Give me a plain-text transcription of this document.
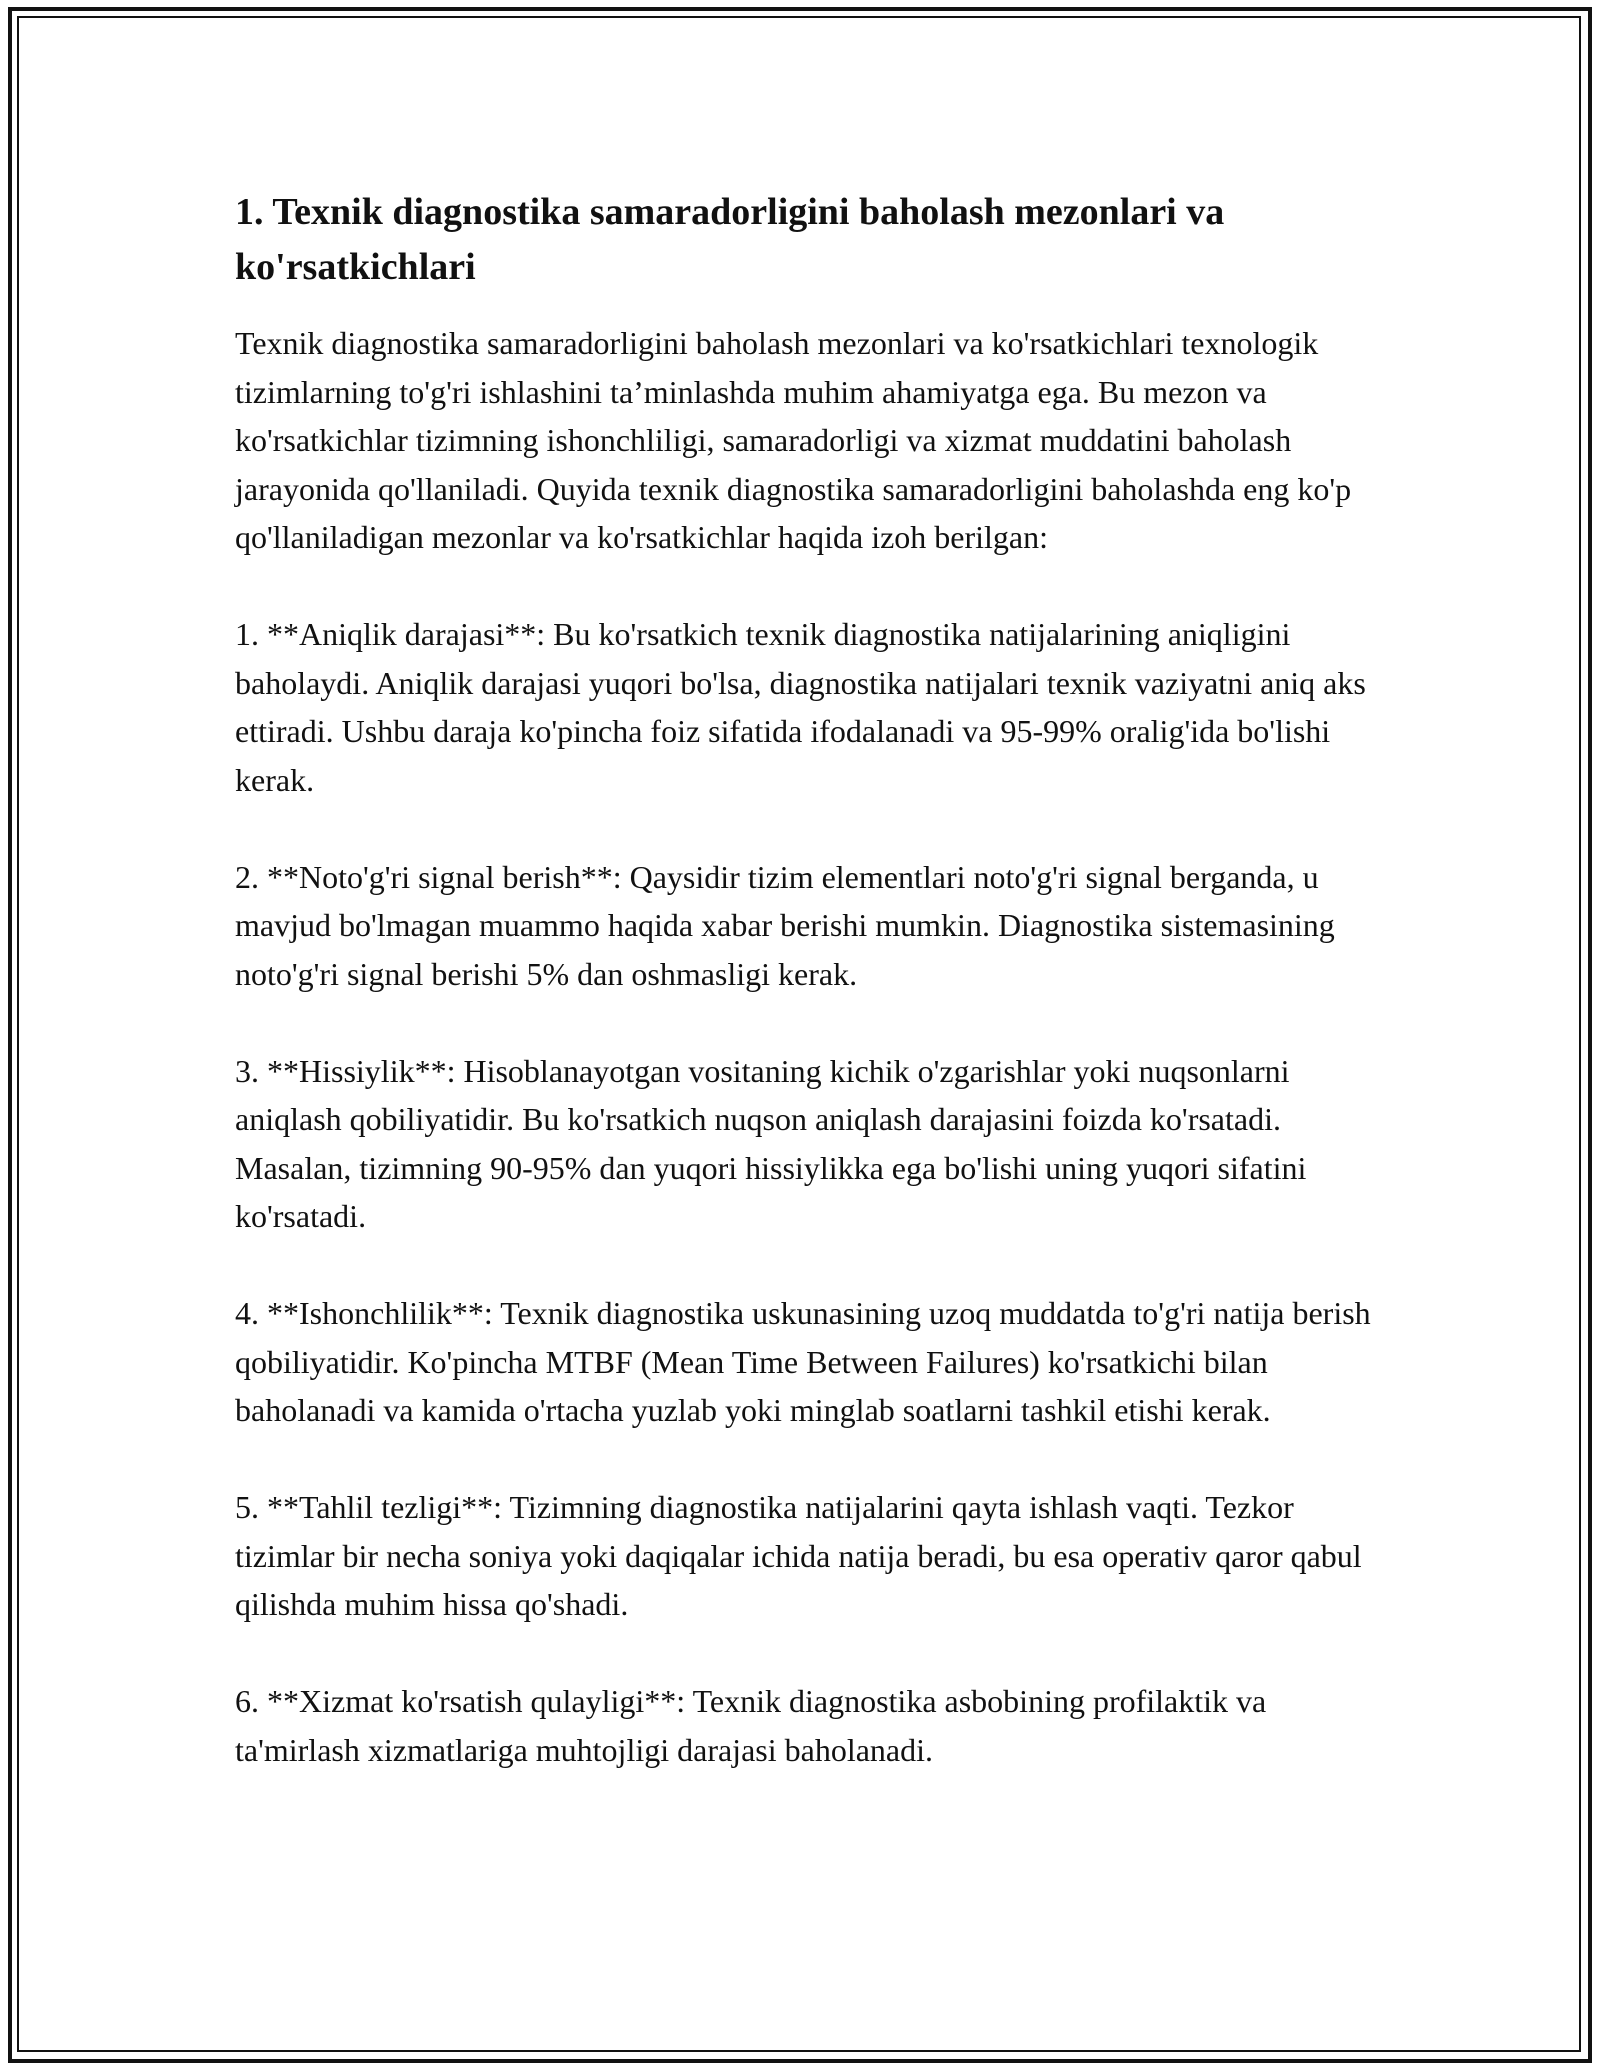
1. Texnik diagnostika samaradorligini baholash mezonlari va ko'rsatkichlari

Texnik diagnostika samaradorligini baholash mezonlari va ko'rsatkichlari texnologik tizimlarning to'g'ri ishlashini ta’minlashda muhim ahamiyatga ega. Bu mezon va ko'rsatkichlar tizimning ishonchliligi, samaradorligi va xizmat muddatini baholash jarayonida qo'llaniladi. Quyida texnik diagnostika samaradorligini baholashda eng ko'p qo'llaniladigan mezonlar va ko'rsatkichlar haqida izoh berilgan:

1. **Aniqlik darajasi**: Bu ko'rsatkich texnik diagnostika natijalarining aniqligini baholaydi. Aniqlik darajasi yuqori bo'lsa, diagnostika natijalari texnik vaziyatni aniq aks ettiradi. Ushbu daraja ko'pincha foiz sifatida ifodalanadi va 95-99% oralig'ida bo'lishi kerak.

2. **Noto'g'ri signal berish**: Qaysidir tizim elementlari noto'g'ri signal berganda, u mavjud bo'lmagan muammo haqida xabar berishi mumkin. Diagnostika sistemasining noto'g'ri signal berishi 5% dan oshmasligi kerak.

3. **Hissiylik**: Hisoblanayotgan vositaning kichik o'zgarishlar yoki nuqsonlarni aniqlash qobiliyatidir. Bu ko'rsatkich nuqson aniqlash darajasini foizda ko'rsatadi. Masalan, tizimning 90-95% dan yuqori hissiylikka ega bo'lishi uning yuqori sifatini ko'rsatadi.

4. **Ishonchlilik**: Texnik diagnostika uskunasining uzoq muddatda to'g'ri natija berish qobiliyatidir. Ko'pincha MTBF (Mean Time Between Failures) ko'rsatkichi bilan baholanadi va kamida o'rtacha yuzlab yoki minglab soatlarni tashkil etishi kerak.

5. **Tahlil tezligi**: Tizimning diagnostika natijalarini qayta ishlash vaqti. Tezkor tizimlar bir necha soniya yoki daqiqalar ichida natija beradi, bu esa operativ qaror qabul qilishda muhim hissa qo'shadi.

6. **Xizmat ko'rsatish qulayligi**: Texnik diagnostika asbobining profilaktik va ta'mirlash xizmatlariga muhtojligi darajasi baholanadi.
